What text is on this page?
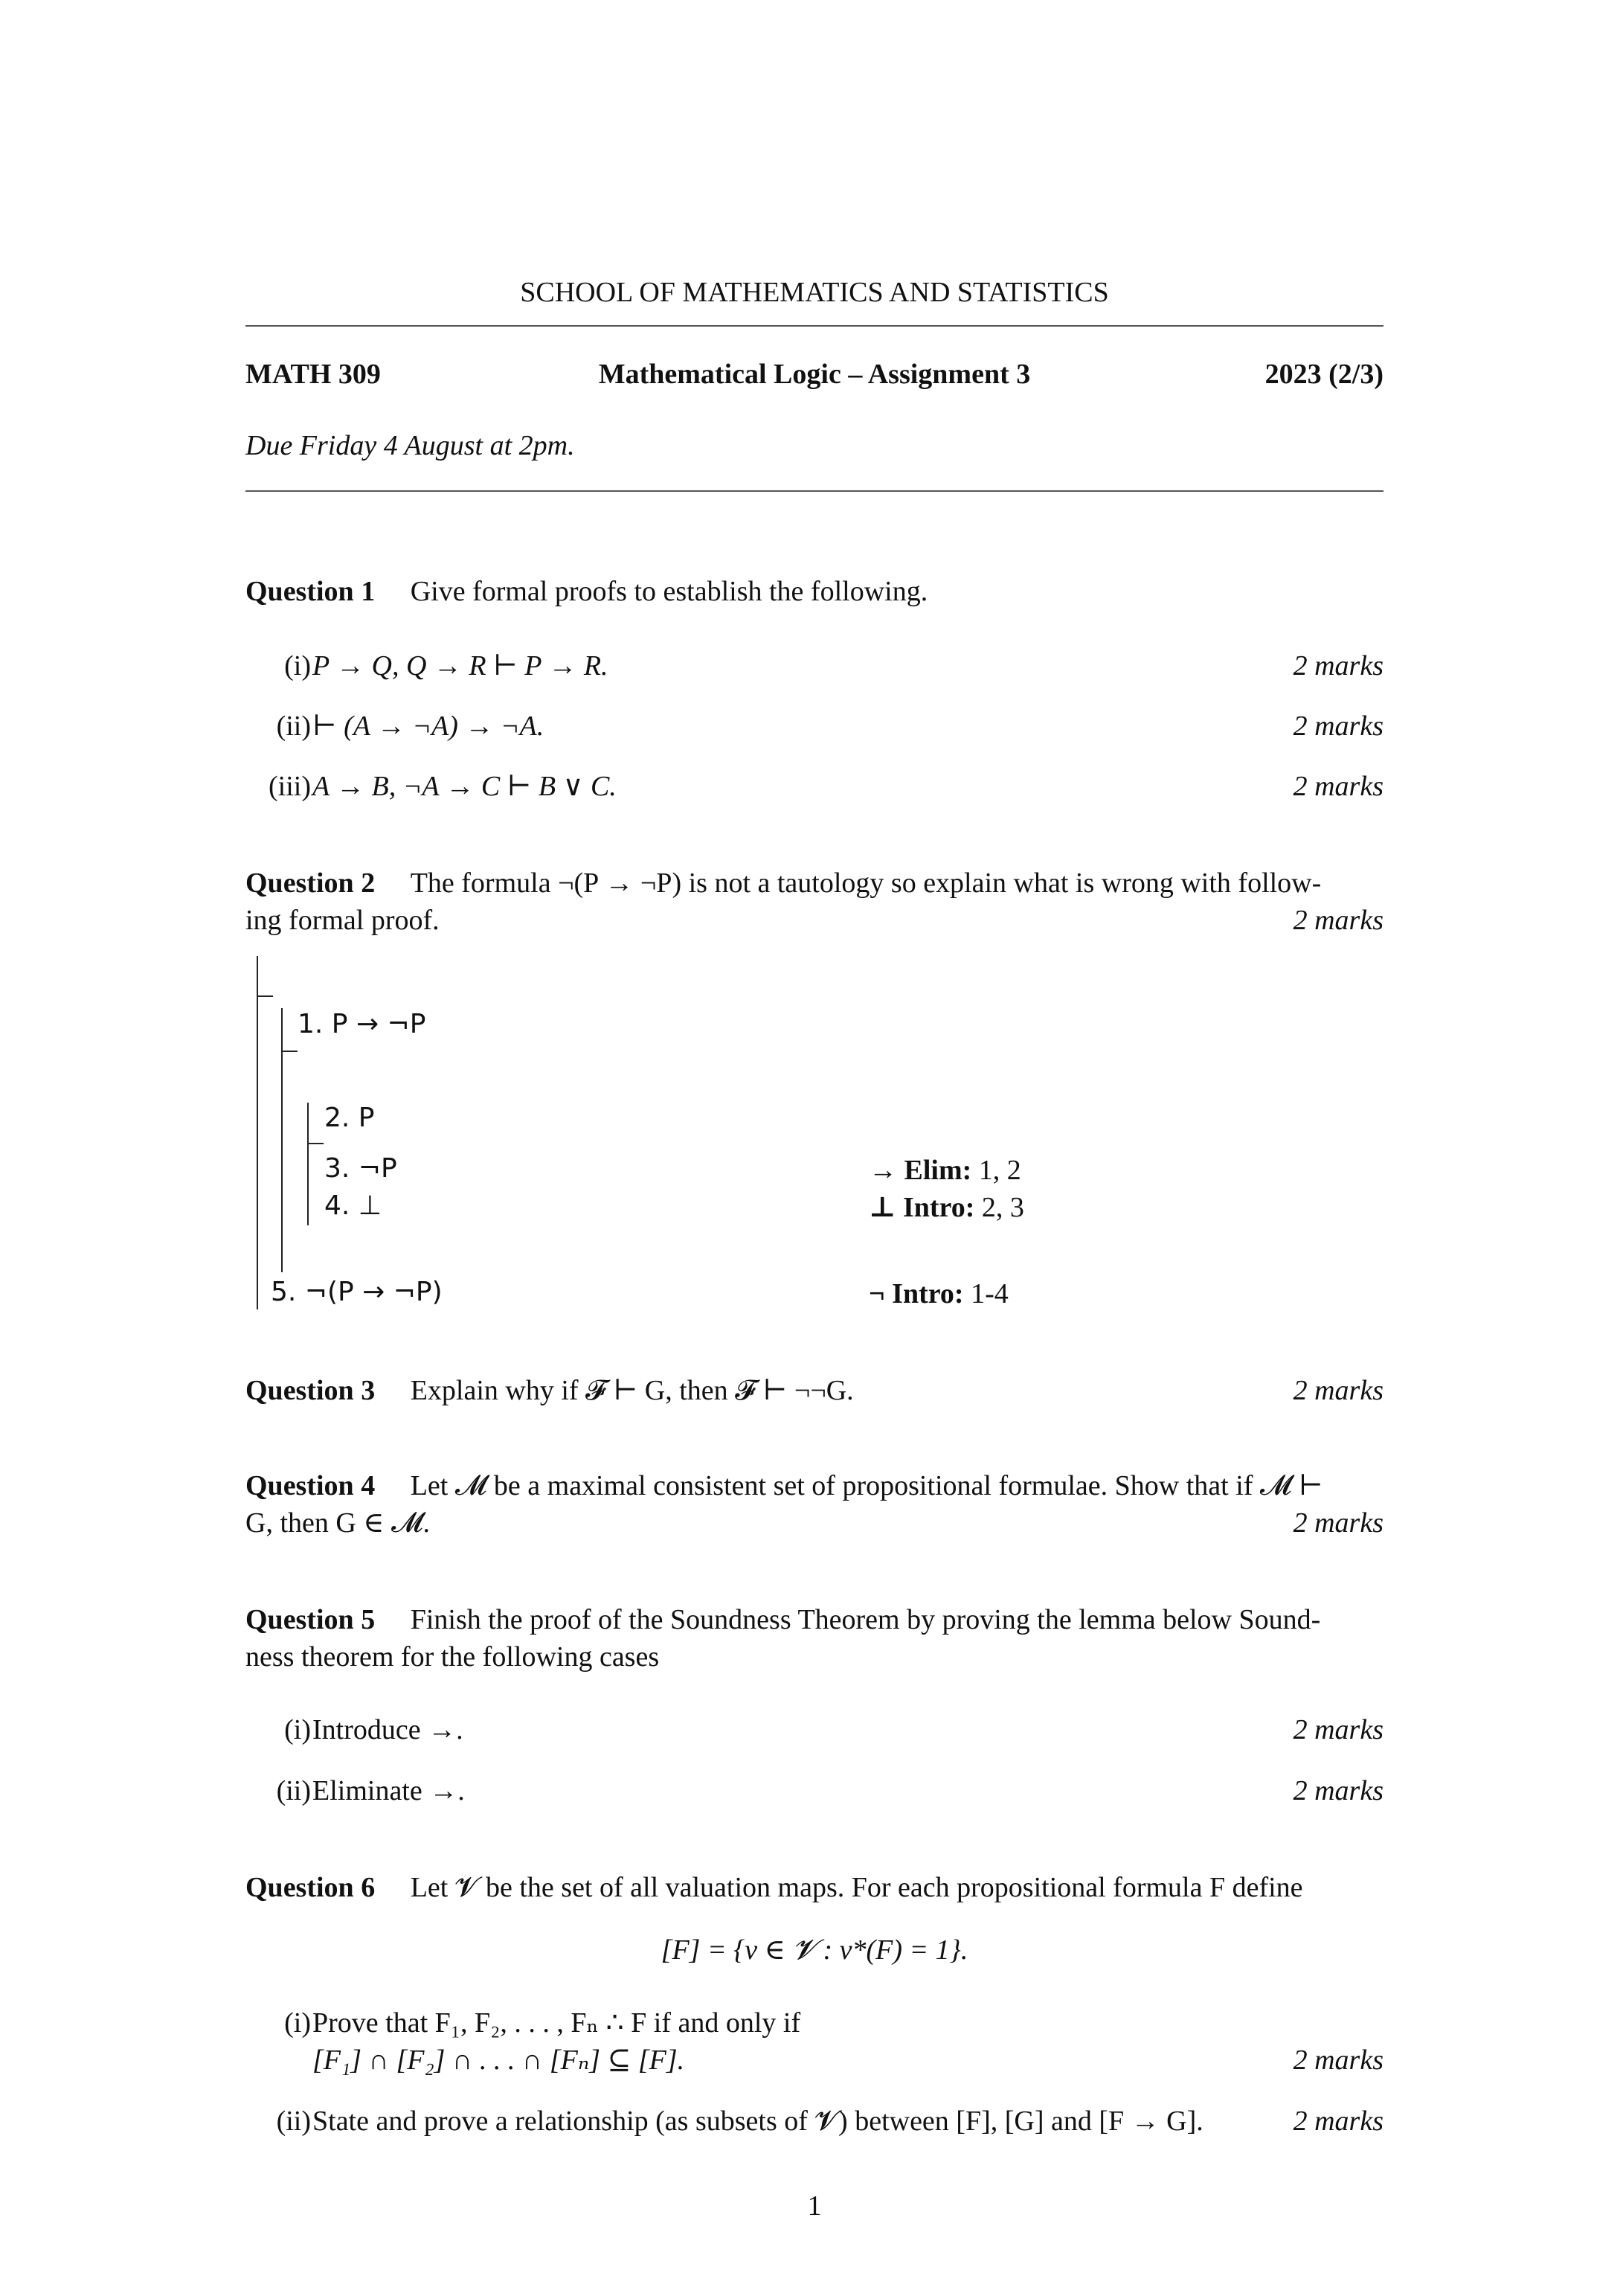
SCHOOL OF MATHEMATICS AND STATISTICS
MATH 309	Mathematical Logic – Assignment 3	2023 (2/3)
Due Friday 4 August at 2pm.
Question 1 Give formal proofs to establish the following.
(i) P → Q, Q → R ⊢ P → R.	2 marks
(ii) ⊢ (A → ¬A) → ¬A.	2 marks
(iii) A → B, ¬A → C ⊢ B ∨ C.	2 marks
Question 2 The formula ¬(P → ¬P) is not a tautology so explain what is wrong with follow-
ing formal proof.	2 marks
1. P → ¬P
2. P
3. ¬P	→ Elim: 1, 2
4. ⊥	⊥ Intro: 2, 3
5. ¬(P → ¬P)	¬ Intro: 1-4
Question 3 Explain why if 𝓕 ⊢ G, then 𝓕 ⊢ ¬¬G.	2 marks
Question 4 Let 𝓜 be a maximal consistent set of propositional formulae. Show that if 𝓜 ⊢
G, then G ∈ 𝓜.	2 marks
Question 5 Finish the proof of the Soundness Theorem by proving the lemma below Sound-
ness theorem for the following cases
(i) Introduce →.	2 marks
(ii) Eliminate →.	2 marks
Question 6 Let 𝓥 be the set of all valuation maps. For each propositional formula F define
[F] = {v ∈ 𝓥 : v*(F) = 1}.
(i) Prove that F₁, F₂, . . . , Fₙ ∴ F if and only if
[F₁] ∩ [F₂] ∩ . . . ∩ [Fₙ] ⊆ [F].	2 marks
(ii) State and prove a relationship (as subsets of 𝓥) between [F], [G] and [F → G].	2 marks
1
